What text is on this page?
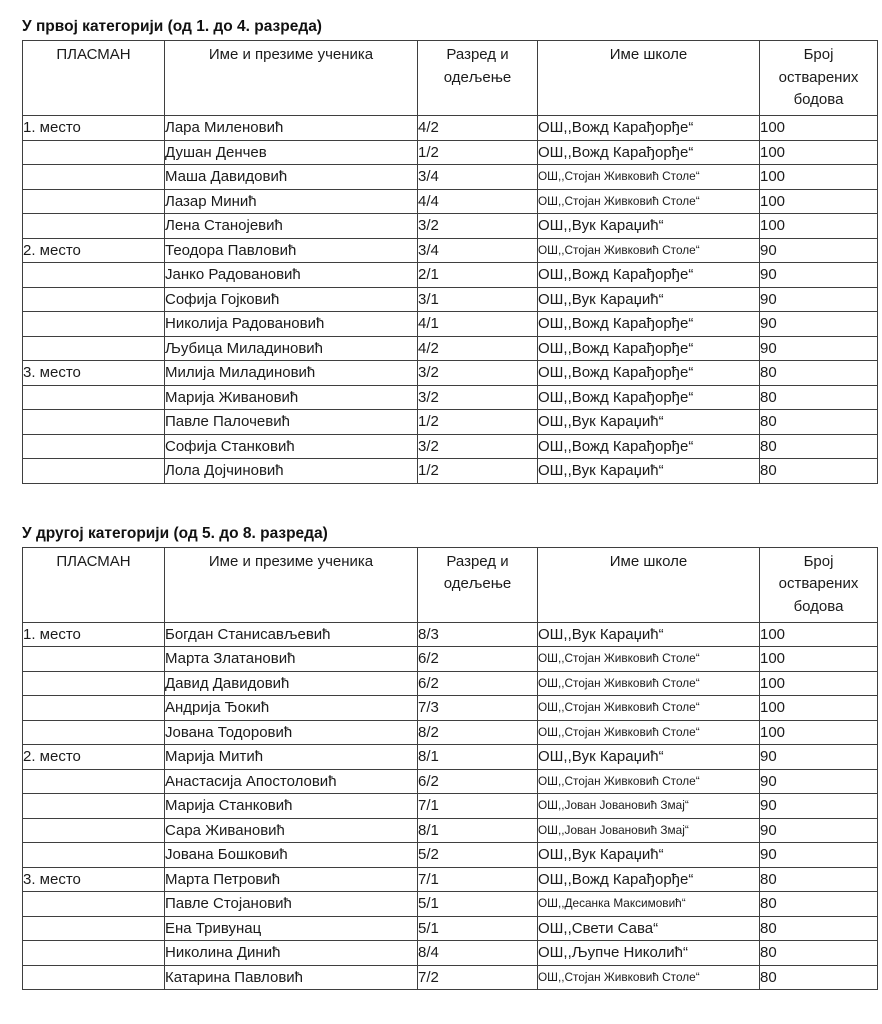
У првој категорији (од 1. до 4. разреда)
ПЛАСМАН	Име и презиме ученика	Разред и одељење	Име школе	Број остварених бодова
1. место	Лара Миленовић	4/2	ОШ,,Вожд Карађорђе“	100
	Душан Денчев	1/2	ОШ,,Вожд Карађорђе“	100
	Маша Давидовић	3/4	ОШ,,Стојан Живковић Столе“	100
	Лазар Минић	4/4	ОШ,,Стојан Живковић Столе“	100
	Лена Станојевић	3/2	ОШ,,Вук Караџић“	100
2. место	Теодора Павловић	3/4	ОШ,,Стојан Живковић Столе“	90
	Јанко Радовановић	2/1	ОШ,,Вожд Карађорђе“	90
	Софија Гојковић	3/1	ОШ,,Вук Караџић“	90
	Николија Радовановић	4/1	ОШ,,Вожд Карађорђе“	90
	Љубица Миладиновић	4/2	ОШ,,Вожд Карађорђе“	90
3. место	Милија Миладиновић	3/2	ОШ,,Вожд Карађорђе“	80
	Марија Живановић	3/2	ОШ,,Вожд Карађорђе“	80
	Павле Палочевић	1/2	ОШ,,Вук Караџић“	80
	Софија Станковић	3/2	ОШ,,Вожд Карађорђе“	80
	Лола Дојчиновић	1/2	ОШ,,Вук Караџић“	80
У другој категорији (од 5. до 8. разреда)
ПЛАСМАН	Име и презиме ученика	Разред и одељење	Име школе	Број остварених бодова
1. место	Богдан Станисављевић	8/3	ОШ,,Вук Караџић“	100
	Марта Златановић	6/2	ОШ,,Стојан Живковић Столе“	100
	Давид Давидовић	6/2	ОШ,,Стојан Живковић Столе“	100
	Андрија Ђокић	7/3	ОШ,,Стојан Живковић Столе“	100
	Јована Тодоровић	8/2	ОШ,,Стојан Живковић Столе“	100
2. место	Марија Митић	8/1	ОШ,,Вук Караџић“	90
	Анастасија Апостоловић	6/2	ОШ,,Стојан Живковић Столе“	90
	Марија Станковић	7/1	ОШ,,Јован Јовановић Змај“	90
	Сара Живановић	8/1	ОШ,,Јован Јовановић Змај“	90
	Јована Бошковић	5/2	ОШ,,Вук Караџић“	90
3. место	Марта Петровић	7/1	ОШ,,Вожд Карађорђе“	80
	Павле Стојановић	5/1	ОШ,,Десанка Максимовић“	80
	Ена Тривунац	5/1	ОШ,,Свети Сава“	80
	Николина Динић	8/4	ОШ,,Љупче Николић“	80
	Катарина Павловић	7/2	ОШ,,Стојан Живковић Столе“	80
